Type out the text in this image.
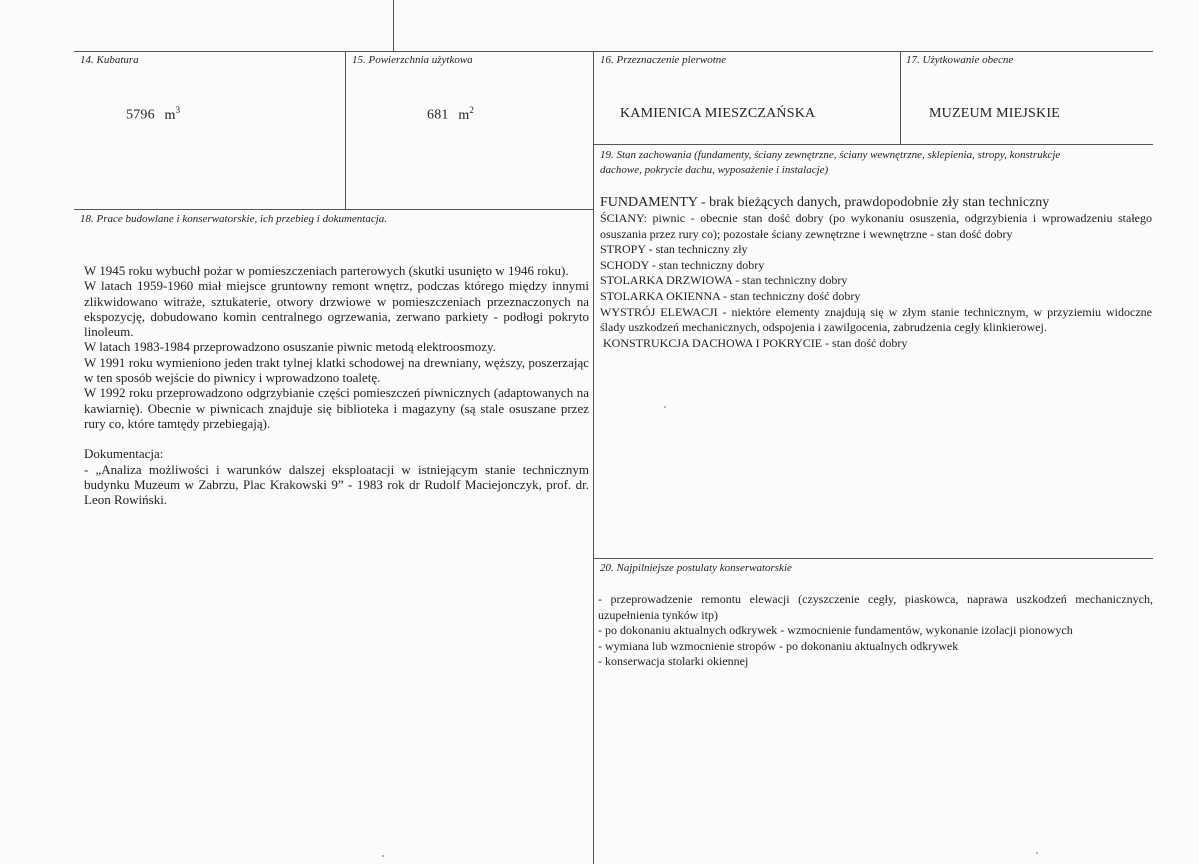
14. Kubatura
5796 $m^3$
15. Powierzchnia użytkowa
681 $m^2$
16. Przeznaczenie pierwotne
KAMIENICA MIESZCZAŃSKA
17. Użytkowanie obecne
MUZEUM MIEJSKIE
19. Stan zachowania (fundamenty, ściany zewnętrzne, ściany wewnętrzne, sklepienia, stropy, konstrukcje dachowe, pokrycie dachu, wyposażenie i instalacje)

FUNDAMENTY - brak bieżących danych, prawdopodobnie zły stan techniczny

ŚCIANY: piwnic - obecnie stan dość dobry (po wykonaniu osuszenia, odgrzybienia i wprowadzeniu stałego osuszania przez rury co); pozostałe ściany zewnętrzne i wewnętrzne - stan dość dobry

STROPY - stan techniczny zły

SCHODY - stan techniczny dobry

STOLARKA DRZWIOWA - stan techniczny dobry

STOLARKA OKIENNA - stan techniczny dość dobry

WYSTRÓJ ELEWACJI - niektóre elementy znajdują się w złym stanie technicznym, w przyziemiu widoczne ślady uszkodzeń mechanicznych, odspojenia i zawilgocenia, zabrudzenia cegły klinkierowej.

KONSTRUKCJA DACHOWA I POKRYCIE - stan dość dobry

18. Prace budowlane i konserwatorskie, ich przebieg i dokumentacja.

W 1945 roku wybuchł pożar w pomieszczeniach parterowych (skutki usunięto w 1946 roku).

W latach 1959-1960 miał miejsce gruntowny remont wnętrz, podczas którego między innymi zlikwidowano witraże, sztukaterie, otwory drzwiowe w pomieszczeniach przeznaczonych na ekspozycję, dobudowano komin centralnego ogrzewania, zerwano parkiety - podłogi pokryto linoleum.

W latach 1983-1984 przeprowadzono osuszanie piwnic metodą elektroosmozy.

W 1991 roku wymieniono jeden trakt tylnej klatki schodowej na drewniany, węższy, poszerzając w ten sposób wejście do piwnicy i wprowadzono toaletę.

W 1992 roku przeprowadzono odgrzybianie części pomieszczeń piwnicznych (adaptowanych na kawiarnię). Obecnie w piwnicach znajduje się biblioteka i magazyny (są stale osuszane przez rury co, które tamtędy przebiegają).

Dokumentacja:

- „Analiza możliwości i warunków dalszej eksploatacji w istniejącym stanie technicznym budynku Muzeum w Zabrzu, Plac Krakowski 9” - 1983 rok dr Rudolf Maciejonczyk, prof. dr. Leon Rowiński.

20. Najpilniejsze postulaty konserwatorskie

- przeprowadzenie remontu elewacji (czyszczenie cegły, piaskowca, naprawa uszkodzeń mechanicznych, uzupełnienia tynków itp)

- po dokonaniu aktualnych odkrywek - wzmocnienie fundamentów, wykonanie izolacji pionowych

- wymiana lub wzmocnienie stropów - po dokonaniu aktualnych odkrywek

- konserwacja stolarki okiennej
